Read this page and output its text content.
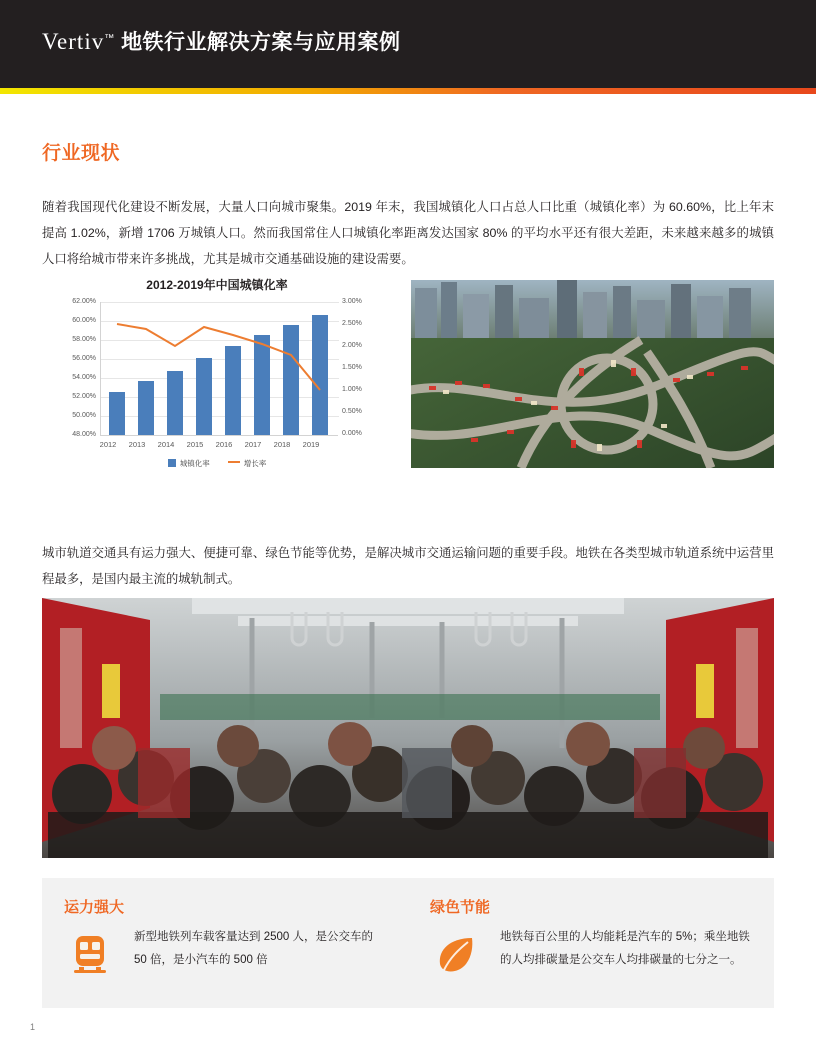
Vertiv™ 地铁行业解决方案与应用案例
行业现状

随着我国现代化建设不断发展，大量人口向城市聚集。2019 年末，我国城镇化人口占总人口比重（城镇化率）为 60.60%，比上年末提高 1.02%，新增 1706 万城镇人口。然而我国常住人口城镇化率距离发达国家 80% 的平均水平还有很大差距，未来越来越多的城镇人口将给城市带来许多挑战，尤其是城市交通基础设施的建设需要。

2012-2019年中国城镇化率
62.00%
60.00%
58.00%
56.00%
54.00%
52.00%
50.00%
48.00%
3.00%
2.50%
2.00%
1.50%
1.00%
0.50%
0.00%
2012	2013	2014	2015	2016	2017	2018	2019
城镇化率	增长率

城市轨道交通具有运力强大、便捷可靠、绿色节能等优势，是解决城市交通运输问题的重要手段。地铁在各类型城市轨道系统中运营里程最多，是国内最主流的城轨制式。

运力强大
新型地铁列车载客量达到 2500 人，是公交车的 50 倍，是小汽车的 500 倍
绿色节能
地铁每百公里的人均能耗是汽车的 5%；乘坐地铁的人均排碳量是公交车人均排碳量的七分之一。
1
